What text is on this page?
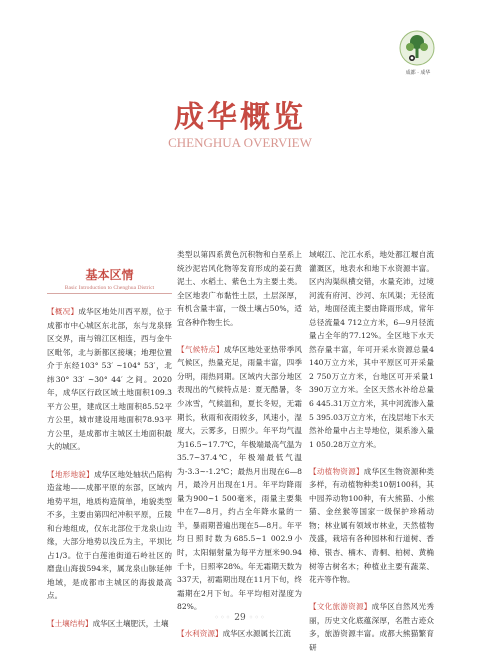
成都 · 成华
成华概览
CHENGHUA OVERVIEW
基本区情
Basic Introduction to Chenghua District

【概况】成华区地处川西平原，位于成都市中心城区东北部，东与龙泉驿区交界，南与锦江区相连，西与金牛区毗邻，北与新都区接壤；地理位置介于东经103° 53′ ~104° 53′，北纬30° 33′ ~30° 44′ 之间。2020年，成华区行政区域土地面积109.3平方公里，建成区土地面积85.52平方公里，城市建设用地面积78.93平方公里，是成都市主城区土地面积最大的城区。

【地形地貌】成华区地处轴状凸陷构造盆地——成都平原的东部，区域内地势平坦，地质构造简单，地貌类型不多，主要由第四纪冲积平原，丘陵和台地组成，仅东北部位于龙泉山边缘，大部分地势以浅丘为主，平坝比占1/3。位于白莲池街道石岭社区的磨盘山海拔594米，属龙泉山脉延伸地域，是成都市主城区的海拔最高点。

【土壤结构】成华区土壤肥沃，土壤

类型以第四系黄色沉积物和白垩系上统沙泥岩风化物等发育形成的姜石黄泥土、水稻土、紫色土为主要土类。全区地表广布黏性土层，土层深厚，有机含量丰富，一级土壤占50%，适宜各种作物生长。

【气候特点】成华区地处亚热带季风气候区，热量充足，雨量丰富，四季分明，雨热同期。区域内大部分地区表现出的气候特点是：夏无酷暑，冬少冰雪，气候温和，夏长冬短，无霜期长，秋雨和夜雨较多，风速小，湿度大，云雾多，日照少。年平均气温为16.5~17.7℃，年极端最高气温为35.7~37.4℃，年极端最低气温为-3.3~-1.2℃；最热月出现在6—8月，最冷月出现在1月。年平均降雨量为900~1 500毫米，雨量主要集中在7—8月，约占全年降水量的一半，暴雨期普遍出现在5—8月。年平均日照时数为685.5~1 002.9小时，太阳辐射量为每平方厘米90.94千卡，日照率28%。年无霜期天数为337天，初霜期出现在11月下旬，终霜期在2月下旬。年平均相对湿度为82%。

【水利资源】成华区水源属长江流

域岷江、沱江水系，地处都江堰自流灌溉区，地表水和地下水资源丰富。区内沟渠纵横交错，水量充沛，过境河流有府河、沙河、东风渠；无径流站，地面径流主要由降雨形成，常年总径流量4 712立方米，6—9月径流量占全年的77.12%。全区地下水天然存量丰富，年可开采水资源总量4 140万立方米，其中平原区可开采量2 750万立方米，台地区可开采量1 390万立方米。全区天然水补给总量6 445.31万立方米，其中河流渗入量5 395.03万立方米，在浅层地下水天然补给量中占主导地位，渠系渗入量1 050.28万立方米。

【动植物资源】成华区生物资源种类多样，有动植物种类10朝100科，其中园养动物100种，有大熊猫、小熊猫、金丝猴等国家一级保护珍稀动物；林业属有领域市林业，天然植物茂盛，栽培有各种园林和行道树、香樟、银杏、楠木、青桐、柏树、黄桷树等古树名木；种植业主要有蔬菜、花卉等作物。

【文化旅游资源】成华区自然风光秀丽，历史文化底蕴深厚，名胜古迹众多，旅游资源丰富。成都大熊猫繁育研

◦◦◦ 29 ◦◦◦
